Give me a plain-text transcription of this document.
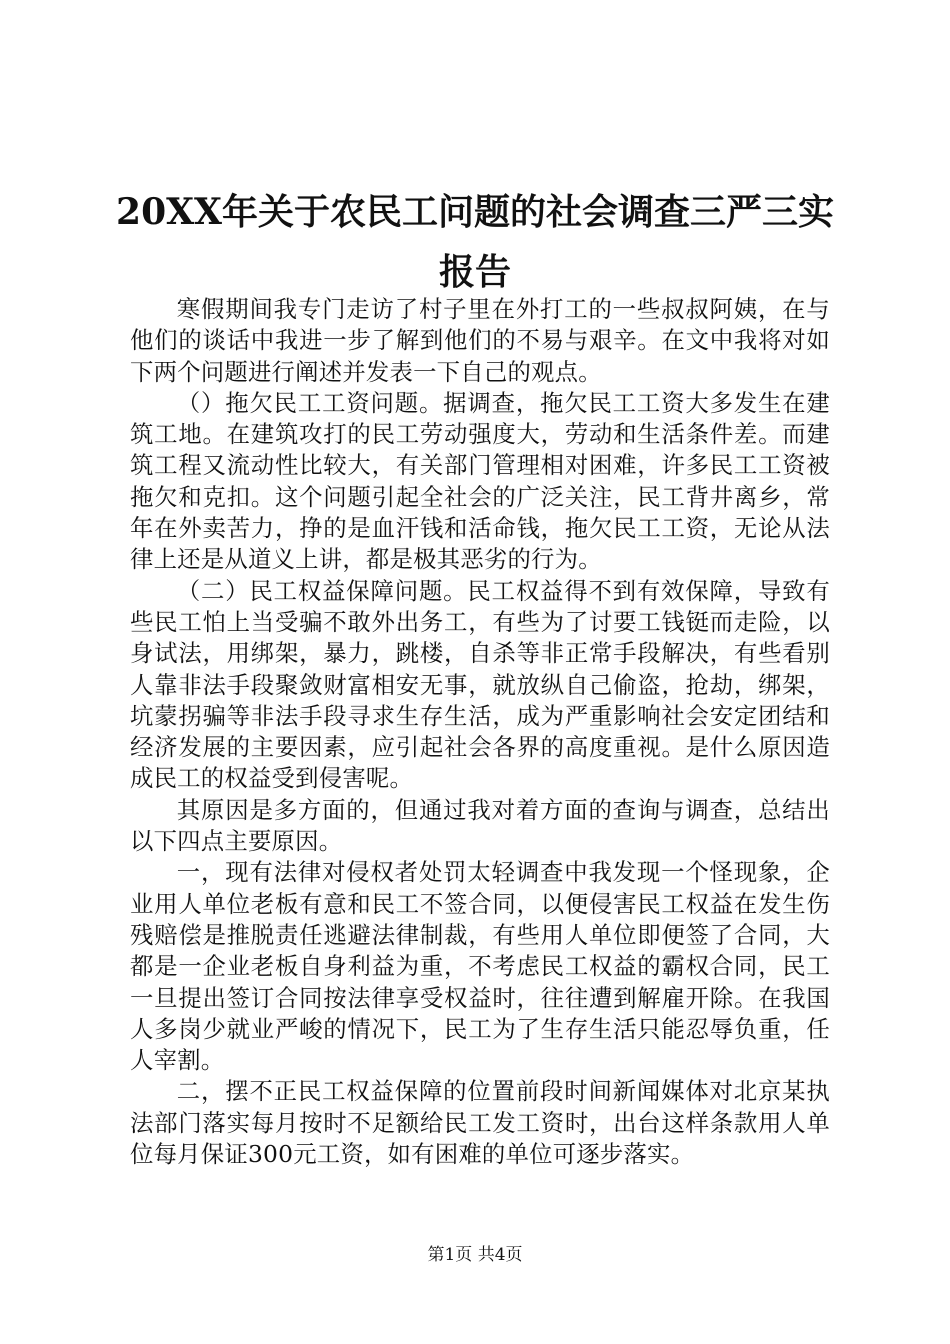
20XX年关于农民工问题的社会调查三严三实
报告

寒假期间我专门走访了村子里在外打工的一些叔叔阿姨，在与他们的谈话中我进一步了解到他们的不易与艰辛。在文中我将对如下两个问题进行阐述并发表一下自己的观点。

（）拖欠民工工资问题。据调查，拖欠民工工资大多发生在建筑工地。在建筑攻打的民工劳动强度大，劳动和生活条件差。而建筑工程又流动性比较大，有关部门管理相对困难，许多民工工资被拖欠和克扣。这个问题引起全社会的广泛关注，民工背井离乡，常年在外卖苦力，挣的是血汗钱和活命钱，拖欠民工工资，无论从法律上还是从道义上讲，都是极其恶劣的行为。

（二）民工权益保障问题。民工权益得不到有效保障，导致有些民工怕上当受骗不敢外出务工，有些为了讨要工钱铤而走险，以身试法，用绑架，暴力，跳楼，自杀等非正常手段解决，有些看别人靠非法手段聚敛财富相安无事，就放纵自己偷盗，抢劫，绑架，坑蒙拐骗等非法手段寻求生存生活，成为严重影响社会安定团结和经济发展的主要因素，应引起社会各界的高度重视。是什么原因造成民工的权益受到侵害呢。

其原因是多方面的，但通过我对着方面的查询与调查，总结出以下四点主要原因。

一，现有法律对侵权者处罚太轻调查中我发现一个怪现象，企业用人单位老板有意和民工不签合同，以便侵害民工权益在发生伤残赔偿是推脱责任逃避法律制裁，有些用人单位即便签了合同，大都是一企业老板自身利益为重，不考虑民工权益的霸权合同，民工一旦提出签订合同按法律享受权益时，往往遭到解雇开除。在我国人多岗少就业严峻的情况下，民工为了生存生活只能忍辱负重，任人宰割。

二，摆不正民工权益保障的位置前段时间新闻媒体对北京某执法部门落实每月按时不足额给民工发工资时，出台这样条款用人单位每月保证300元工资，如有困难的单位可逐步落实。

第1页 共4页
